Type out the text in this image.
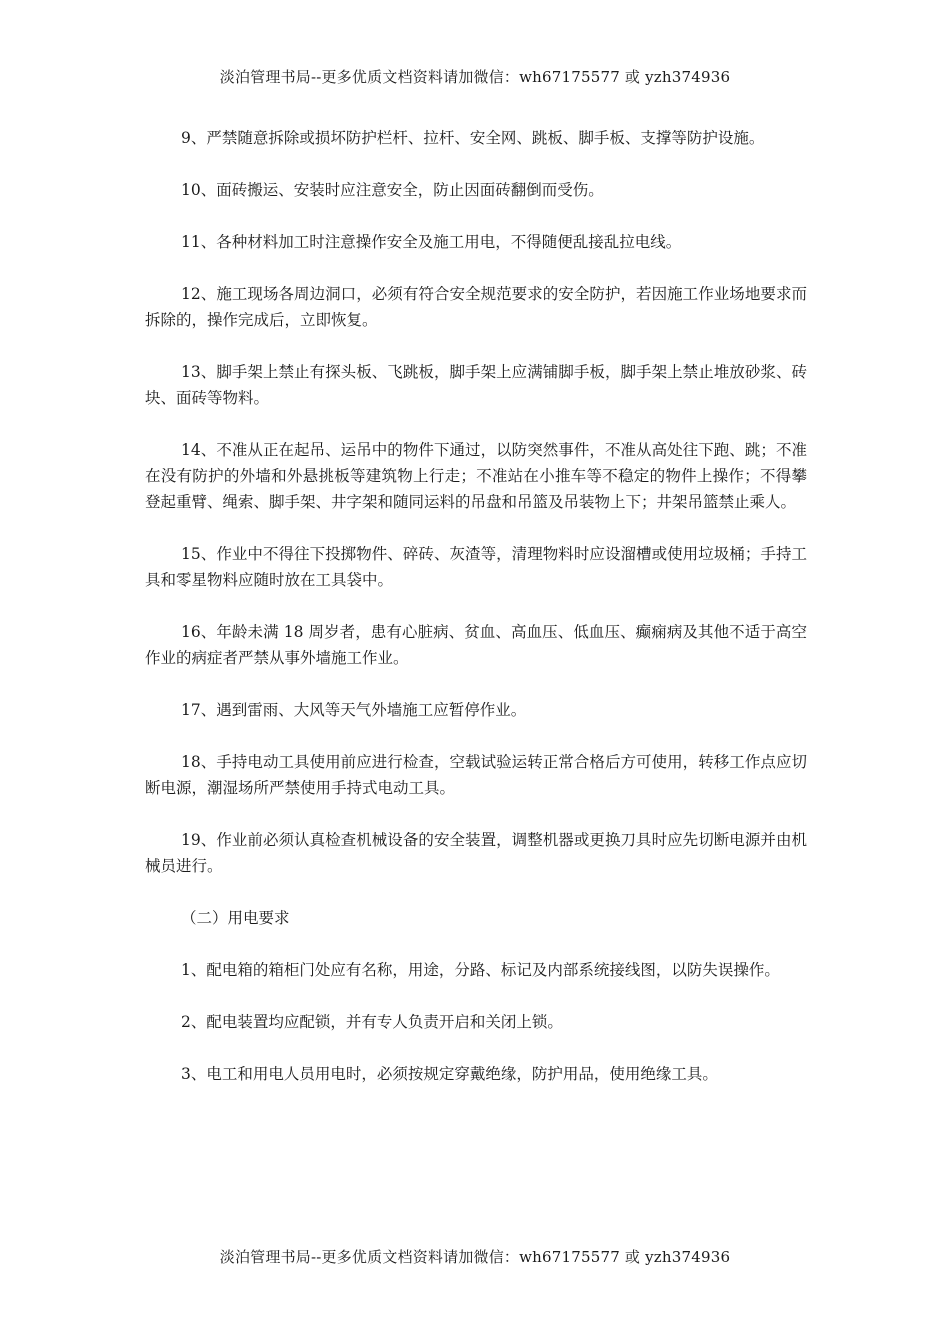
淡泊管理书局--更多优质文档资料请加微信：wh67175577 或 yzh374936

9、严禁随意拆除或损坏防护栏杆、拉杆、安全网、跳板、脚手板、支撑等防护设施。

10、面砖搬运、安装时应注意安全，防止因面砖翻倒而受伤。

11、各种材料加工时注意操作安全及施工用电，不得随便乱接乱拉电线。

12、施工现场各周边洞口，必须有符合安全规范要求的安全防护，若因施工作业场地要求而拆除的，操作完成后，立即恢复。

13、脚手架上禁止有探头板、飞跳板，脚手架上应满铺脚手板，脚手架上禁止堆放砂浆、砖块、面砖等物料。

14、不准从正在起吊、运吊中的物件下通过，以防突然事件，不准从高处往下跑、跳；不准在没有防护的外墙和外悬挑板等建筑物上行走；不准站在小推车等不稳定的物件上操作；不得攀登起重臂、绳索、脚手架、井字架和随同运料的吊盘和吊篮及吊装物上下；井架吊篮禁止乘人。

15、作业中不得往下投掷物件、碎砖、灰渣等，清理物料时应设溜槽或使用垃圾桶；手持工具和零星物料应随时放在工具袋中。

16、年龄未满 18 周岁者，患有心脏病、贫血、高血压、低血压、癫痫病及其他不适于高空作业的病症者严禁从事外墙施工作业。

17、遇到雷雨、大风等天气外墙施工应暂停作业。

18、手持电动工具使用前应进行检查，空载试验运转正常合格后方可使用，转移工作点应切断电源，潮湿场所严禁使用手持式电动工具。

19、作业前必须认真检查机械设备的安全装置，调整机器或更换刀具时应先切断电源并由机械员进行。

（二）用电要求

1、配电箱的箱柜门处应有名称，用途，分路、标记及内部系统接线图，以防失误操作。

2、配电装置均应配锁，并有专人负责开启和关闭上锁。

3、电工和用电人员用电时，必须按规定穿戴绝缘，防护用品，使用绝缘工具。

淡泊管理书局--更多优质文档资料请加微信：wh67175577 或 yzh374936
